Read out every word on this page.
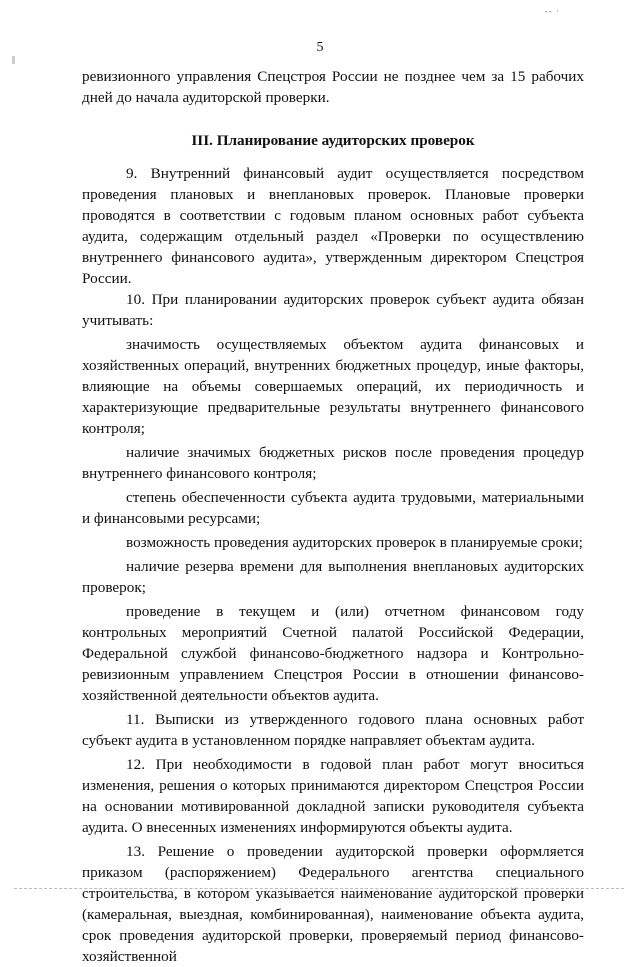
-- ·
5

ревизионного управления Спецстроя России не позднее чем за 15 рабочих дней до начала аудиторской проверки.

III. Планирование аудиторских проверок

9. Внутренний финансовый аудит осуществляется посредством проведения плановых и внеплановых проверок. Плановые проверки проводятся в соответствии с годовым планом основных работ субъекта аудита, содержащим отдельный раздел «Проверки по осуществлению внутреннего финансового аудита», утвержденным директором Спецстроя России.

10. При планировании аудиторских проверок субъект аудита обязан учитывать:

значимость осуществляемых объектом аудита финансовых и хозяйственных операций, внутренних бюджетных процедур, иные факторы, влияющие на объемы совершаемых операций, их периодичность и характеризующие предварительные результаты внутреннего финансового контроля;

наличие значимых бюджетных рисков после проведения процедур внутреннего финансового контроля;

степень обеспеченности субъекта аудита трудовыми, материальными и финансовыми ресурсами;

возможность проведения аудиторских проверок в планируемые сроки;

наличие резерва времени для выполнения внеплановых аудиторских проверок;

проведение в текущем и (или) отчетном финансовом году контрольных мероприятий Счетной палатой Российской Федерации, Федеральной службой финансово-бюджетного надзора и Контрольно-ревизионным управлением Спецстроя России в отношении финансово-хозяйственной деятельности объектов аудита.

11. Выписки из утвержденного годового плана основных работ субъект аудита в установленном порядке направляет объектам аудита.

12. При необходимости в годовой план работ могут вноситься изменения, решения о которых принимаются директором Спецстроя России на основании мотивированной докладной записки руководителя субъекта аудита. О внесенных изменениях информируются объекты аудита.

13. Решение о проведении аудиторской проверки оформляется приказом (распоряжением) Федерального агентства специального строительства, в котором указывается наименование аудиторской проверки (камеральная, выездная, комбинированная), наименование объекта аудита, срок проведения аудиторской проверки, проверяемый период финансово-хозяйственной
